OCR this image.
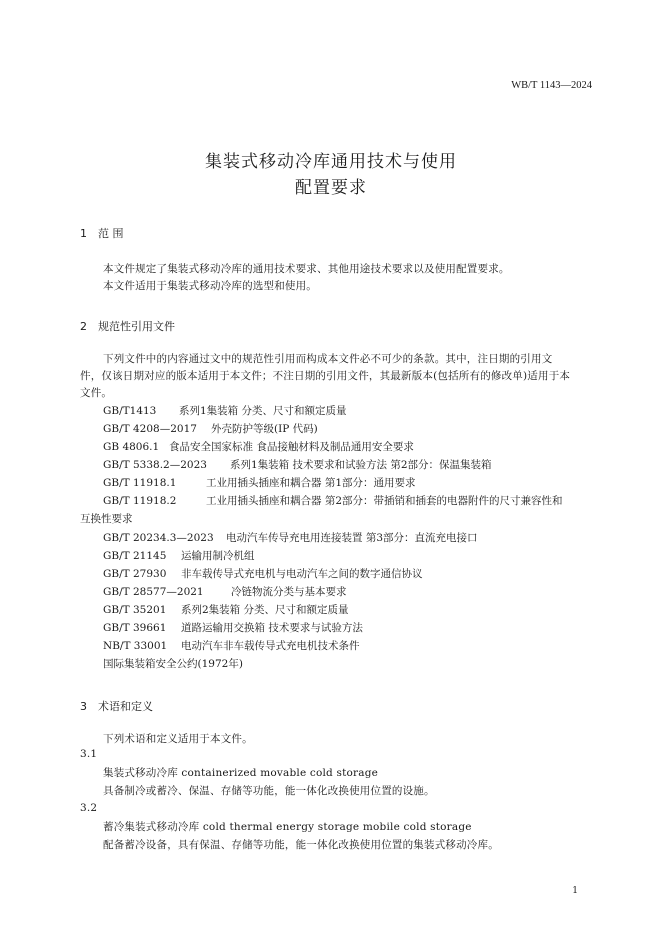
WB/T 1143—2024
集装式移动冷库通用技术与使用
配置要求
1 范 围
本文件规定了集装式移动冷库的通用技术要求、其他用途技术要求以及使用配置要求。
本文件适用于集装式移动冷库的选型和使用。
2 规范性引用文件
下列文件中的内容通过文中的规范性引用而构成本文件必不可少的条款。其中，注日期的引用文
件，仅该日期对应的版本适用于本文件；不注日期的引用文件，其最新版本(包括所有的修改单)适用于本
文件。
GB/T1413 系列1集装箱 分类、尺寸和额定质量
GB/T 4208—2017 外壳防护等级(IP 代码)
GB 4806.1 食品安全国家标准 食品接触材料及制品通用安全要求
GB/T 5338.2—2023 系列1集装箱 技术要求和试验方法 第2部分：保温集装箱
GB/T 11918.1	工业用插头插座和耦合器 第1部分：通用要求
GB/T 11918.2	工业用插头插座和耦合器 第2部分：带插销和插套的电器附件的尺寸兼容性和
互换性要求
GB/T 20234.3—2023 电动汽车传导充电用连接装置 第3部分：直流充电接口
GB/T 21145 运输用制冷机组
GB/T 27930 非车载传导式充电机与电动汽车之间的数字通信协议
GB/T 28577—2021	冷链物流分类与基本要求
GB/T 35201 系列2集装箱 分类、尺寸和额定质量
GB/T 39661 道路运输用交换箱 技术要求与试验方法
NB/T 33001 电动汽车非车载传导式充电机技术条件
国际集装箱安全公约(1972年)
3 术语和定义
下列术语和定义适用于本文件。
3.1
集装式移动冷库 containerized movable cold storage
具备制冷或蓄冷、保温、存储等功能，能一体化改换使用位置的设施。
3.2
蓄冷集装式移动冷库 cold thermal energy storage mobile cold storage
配备蓄冷设备，具有保温、存储等功能，能一体化改换使用位置的集装式移动冷库。
1
